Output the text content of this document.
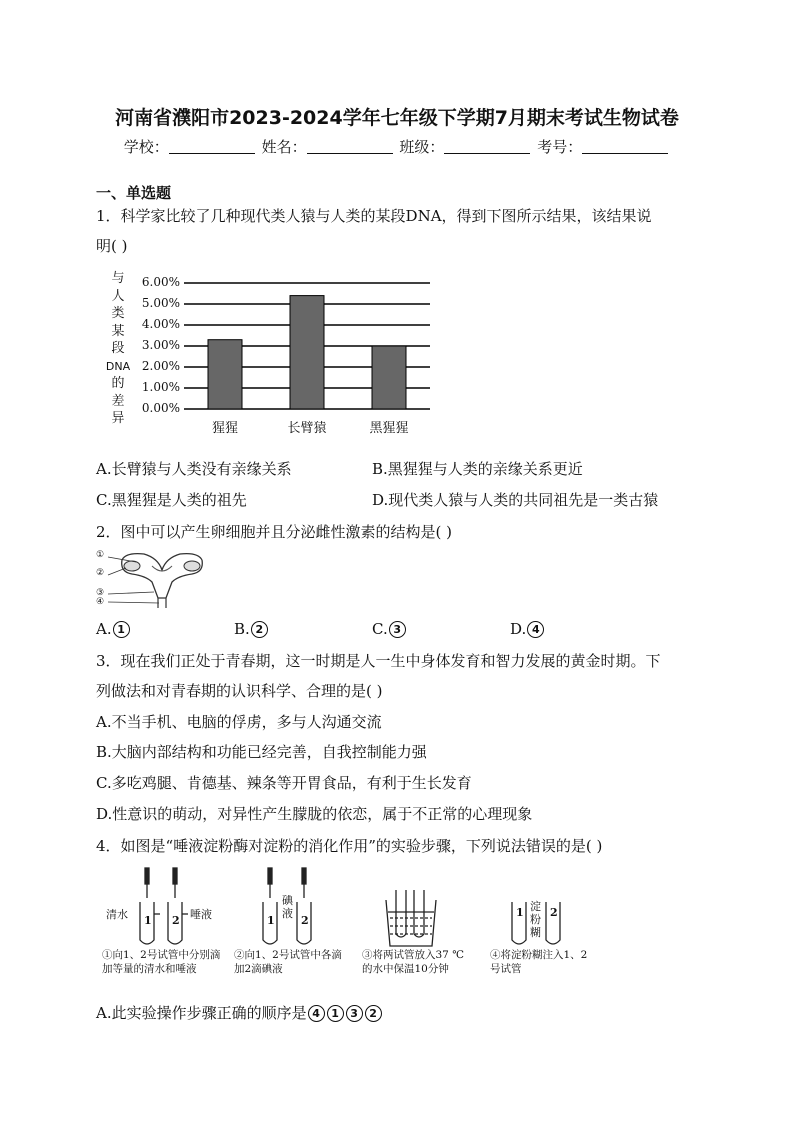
河南省濮阳市2023-2024学年七年级下学期7月期末考试生物试卷
学校：	姓名：	班级：	考号：
一、单选题
1．科学家比较了几种现代类人猿与人类的某段DNA，得到下图所示结果，该结果说
明( )
与
人
类
某
段
DNA
的
差
异
0.00%
1.00%
2.00%
3.00%
4.00%
5.00%
6.00%
猩猩	长臂猿	黑猩猩
A.长臂猿与人类没有亲缘关系	B.黑猩猩与人类的亲缘关系更近
C.黑猩猩是人类的祖先	D.现代类人猿与人类的共同祖先是一类古猿
2．图中可以产生卵细胞并且分泌雌性激素的结构是( )
①
②
③
④
A. 1	B. 2	C. 3	D. 4
3．现在我们正处于青春期，这一时期是人一生中身体发育和智力发展的黄金时期。下
列做法和对青春期的认识科学、合理的是( )
A.不当手机、电脑的俘虏，多与人沟通交流
B.大脑内部结构和功能已经完善，自我控制能力强
C.多吃鸡腿、肯德基、辣条等开胃食品，有利于生长发育
D.性意识的萌动，对异性产生朦胧的依恋，属于不正常的心理现象
4．如图是“唾液淀粉酶对淀粉的消化作用”的实验步骤，下列说法错误的是( )
清水	唾液
1 2
碘液
1 2
淀粉糊
1 2
①向1、2号试管中分别滴加等量的清水和唾液
②向1、2号试管中各滴加2滴碘液
③将两试管放入37 ℃的水中保温10分钟
④将淀粉糊注入1、2号试管
A.此实验操作步骤正确的顺序是 4 1 3 2
